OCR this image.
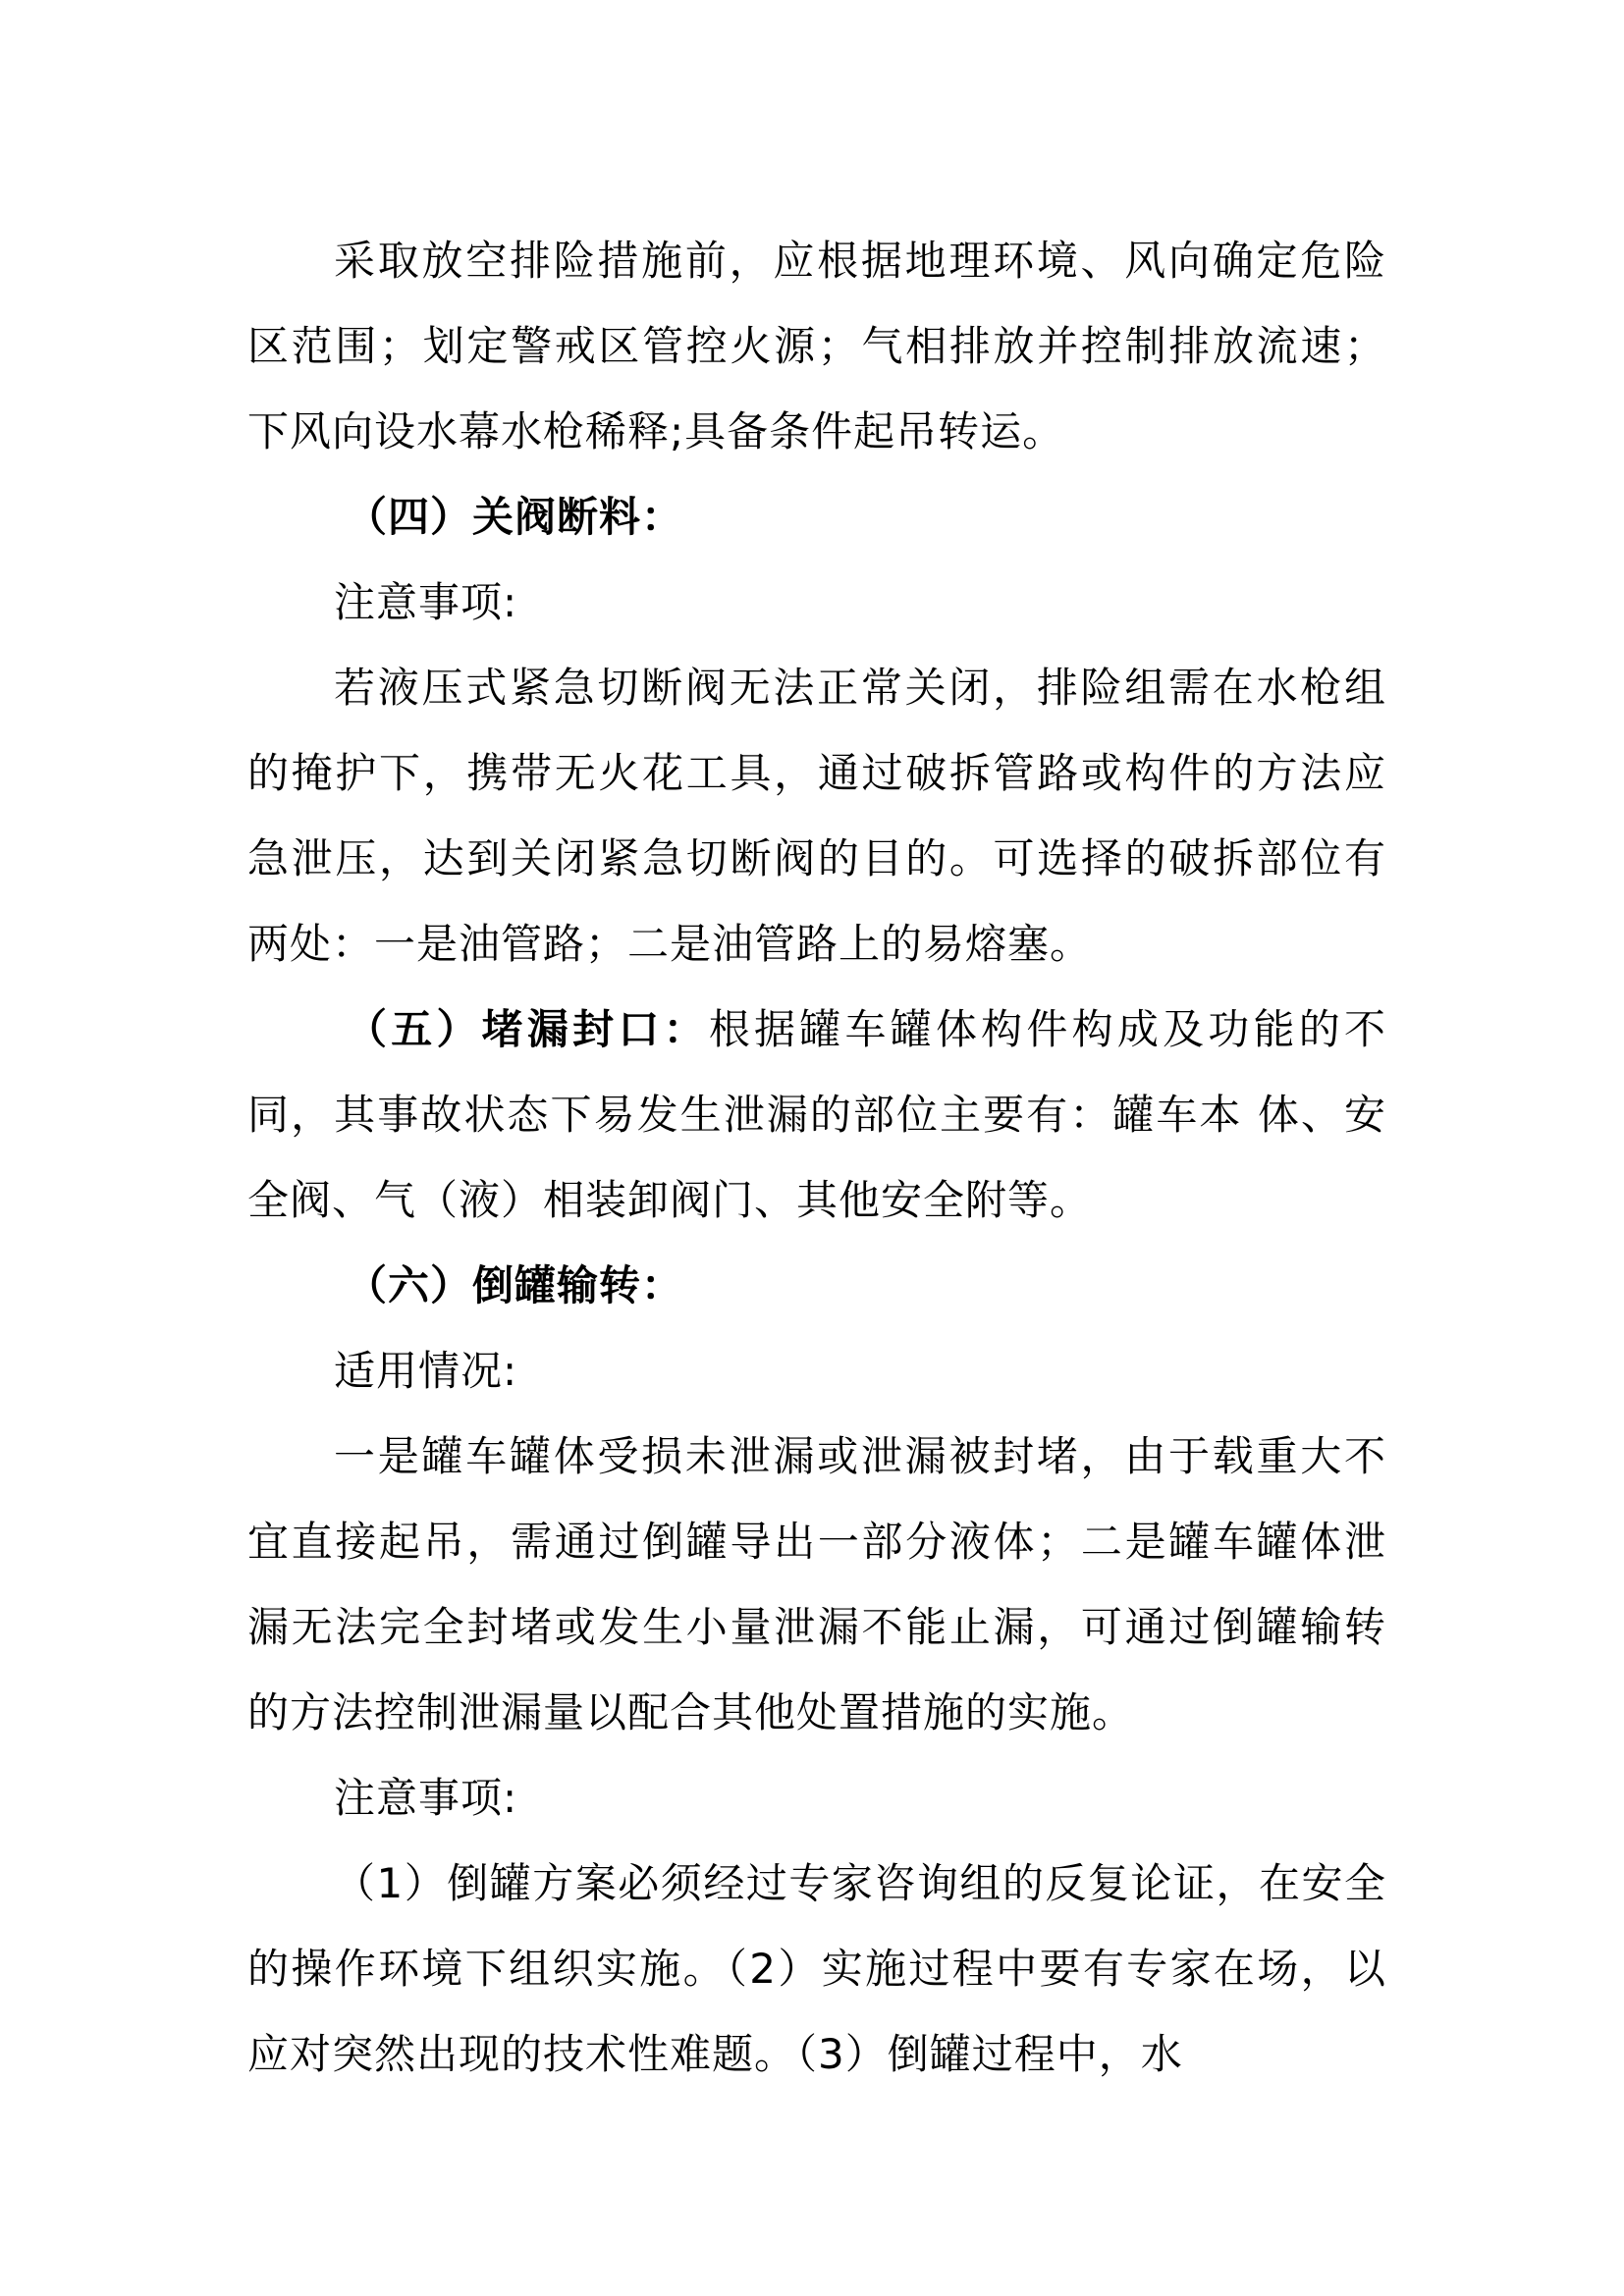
采取放空排险措施前，应根据地理环境、风向确定危险区范围；划定警戒区管控火源；气相排放并控制排放流速；下风向设水幕水枪稀释;具备条件起吊转运。

（四）关阀断料：

注意事项:

若液压式紧急切断阀无法正常关闭，排险组需在水枪组的掩护下，携带无火花工具，通过破拆管路或构件的方法应急泄压，达到关闭紧急切断阀的目的。可选择的破拆部位有两处：一是油管路；二是油管路上的易熔塞。

（五）堵漏封口：根据罐车罐体构件构成及功能的不同，其事故状态下易发生泄漏的部位主要有：罐车本 体、安全阀、气（液）相装卸阀门、其他安全附等。

（六）倒罐输转：

适用情况:

一是罐车罐体受损未泄漏或泄漏被封堵，由于载重大不宜直接起吊，需通过倒罐导出一部分液体；二是罐车罐体泄漏无法完全封堵或发生小量泄漏不能止漏，可通过倒罐输转的方法控制泄漏量以配合其他处置措施的实施。

注意事项:

（1）倒罐方案必须经过专家咨询组的反复论证，在安全的操作环境下组织实施。（2）实施过程中要有专家在场，以应对突然出现的技术性难题。（3）倒罐过程中，水
